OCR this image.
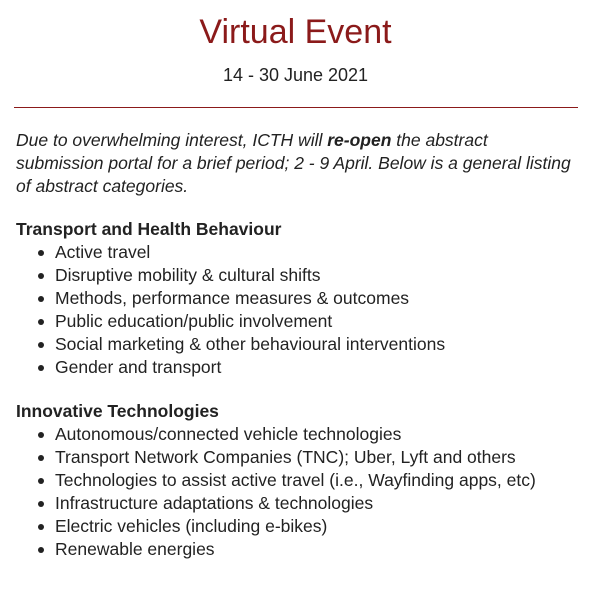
Virtual Event
14 - 30 June 2021
Due to overwhelming interest, ICTH will re-open the abstract submission portal for a brief period; 2 - 9 April. Below is a general listing of abstract categories.
Transport and Health Behaviour
Active travel
Disruptive mobility & cultural shifts
Methods, performance measures & outcomes
Public education/public involvement
Social marketing & other behavioural interventions
Gender and transport
Innovative Technologies
Autonomous/connected vehicle technologies
Transport Network Companies (TNC); Uber, Lyft and others
Technologies to assist active travel (i.e., Wayfinding apps, etc)
Infrastructure adaptations & technologies
Electric vehicles (including e-bikes)
Renewable energies
